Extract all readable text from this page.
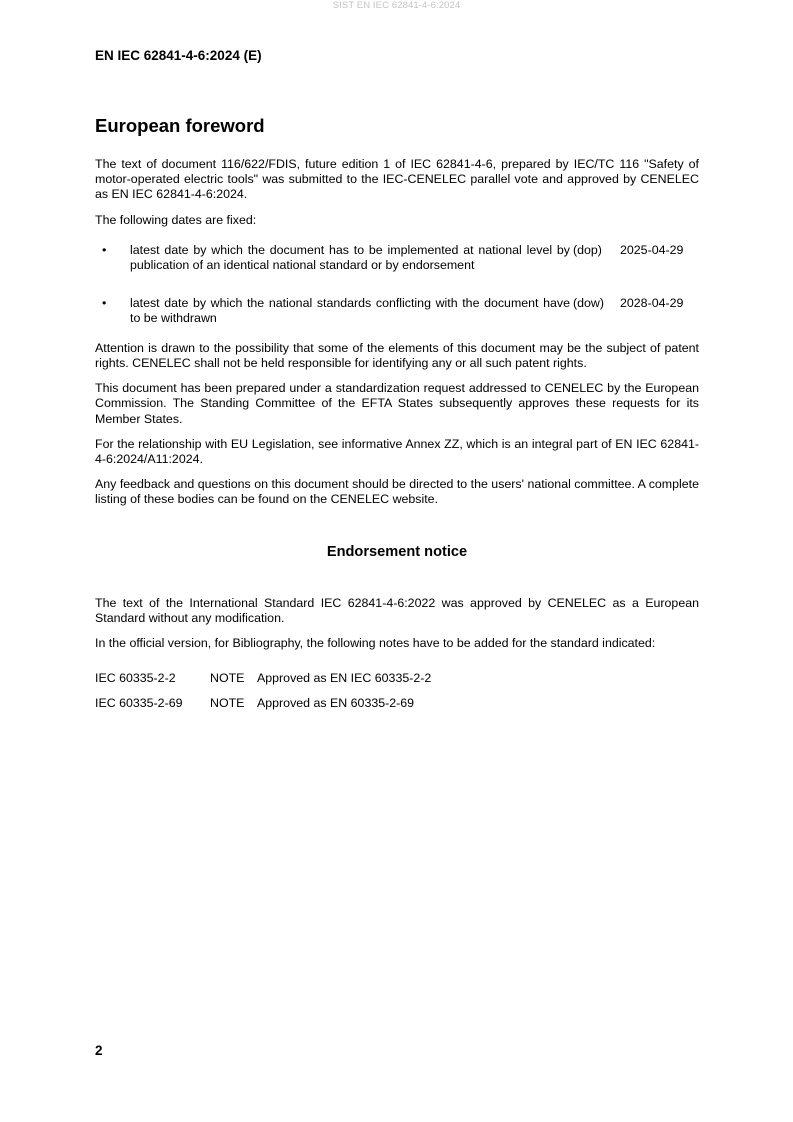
SIST EN IEC 62841-4-6:2024
EN IEC 62841-4-6:2024 (E)
European foreword

The text of document 116/622/FDIS, future edition 1 of IEC 62841-4-6, prepared by IEC/TC 116 "Safety of motor-operated electric tools" was submitted to the IEC-CENELEC parallel vote and approved by CENELEC as EN IEC 62841-4-6:2024.

The following dates are fixed:

• latest date by which the document has to be implemented at national level by publication of an identical national standard or by endorsement
(dop) 2025-04-29
• latest date by which the national standards conflicting with the document have to be withdrawn
(dow) 2028-04-29

Attention is drawn to the possibility that some of the elements of this document may be the subject of patent rights. CENELEC shall not be held responsible for identifying any or all such patent rights.

This document has been prepared under a standardization request addressed to CENELEC by the European Commission. The Standing Committee of the EFTA States subsequently approves these requests for its Member States.

For the relationship with EU Legislation, see informative Annex ZZ, which is an integral part of EN IEC 62841-4-6:2024/A11:2024.

Any feedback and questions on this document should be directed to the users' national committee. A complete listing of these bodies can be found on the CENELEC website.

Endorsement notice

The text of the International Standard IEC 62841-4-6:2022 was approved by CENELEC as a European Standard without any modification.

In the official version, for Bibliography, the following notes have to be added for the standard indicated:

IEC 60335-2-2	NOTE Approved as EN IEC 60335-2-2
IEC 60335-2-69 NOTE Approved as EN 60335-2-69
2
